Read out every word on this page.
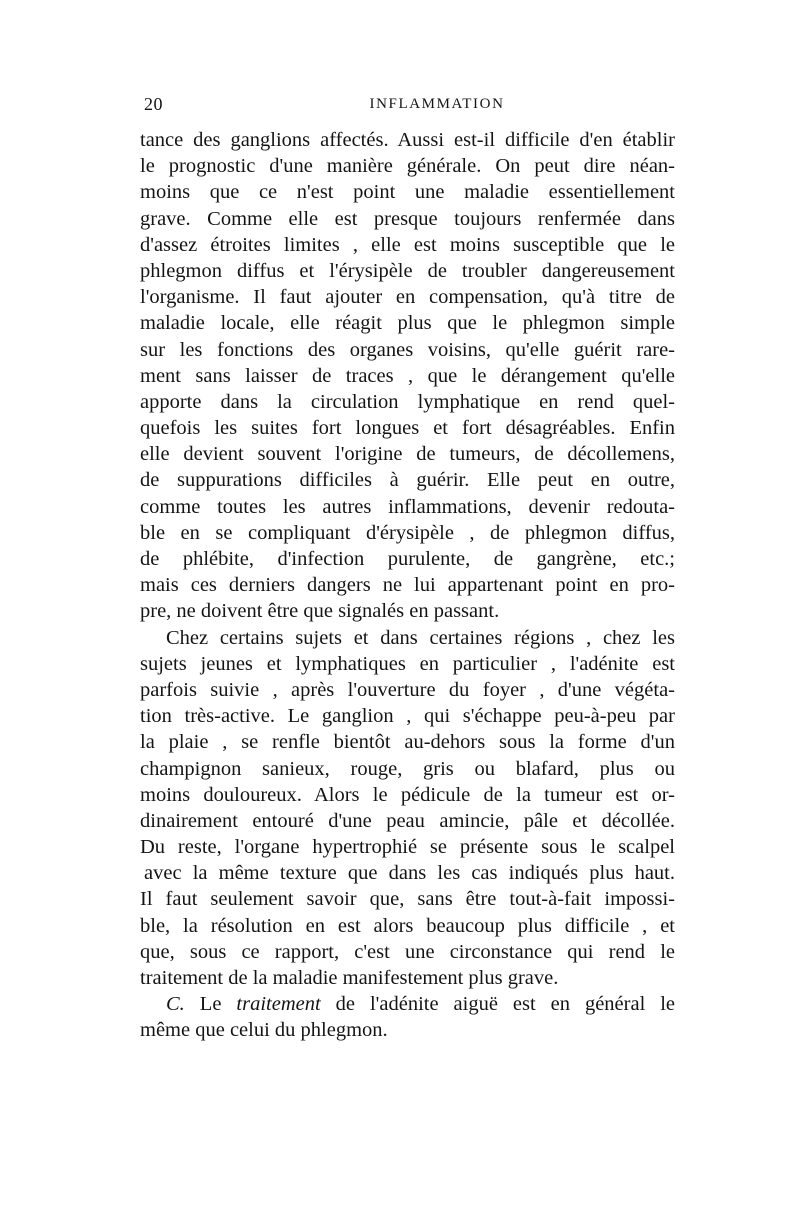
20	INFLAMMATION
tance des ganglions affectés. Aussi est-il difficile d'en établir
le prognostic d'une manière générale. On peut dire néan-
moins que ce n'est point une maladie essentiellement
grave. Comme elle est presque toujours renfermée dans
d'assez étroites limites , elle est moins susceptible que le
phlegmon diffus et l'érysipèle de troubler dangereusement
l'organisme. Il faut ajouter en compensation, qu'à titre de
maladie locale, elle réagit plus que le phlegmon simple
sur les fonctions des organes voisins, qu'elle guérit rare-
ment sans laisser de traces , que le dérangement qu'elle
apporte dans la circulation lymphatique en rend quel-
quefois les suites fort longues et fort désagréables. Enfin
elle devient souvent l'origine de tumeurs, de décollemens,
de suppurations difficiles à guérir. Elle peut en outre,
comme toutes les autres inflammations, devenir redouta-
ble en se compliquant d'érysipèle , de phlegmon diffus,
de phlébite, d'infection purulente, de gangrène, etc.;
mais ces derniers dangers ne lui appartenant point en pro-
pre, ne doivent être que signalés en passant.
Chez certains sujets et dans certaines régions , chez les
sujets jeunes et lymphatiques en particulier , l'adénite est
parfois suivie , après l'ouverture du foyer , d'une végéta-
tion très-active. Le ganglion , qui s'échappe peu-à-peu par
la plaie , se renfle bientôt au-dehors sous la forme d'un
champignon sanieux, rouge, gris ou blafard, plus ou
moins douloureux. Alors le pédicule de la tumeur est or-
dinairement entouré d'une peau amincie, pâle et décollée.
Du reste, l'organe hypertrophié se présente sous le scalpel
avec la même texture que dans les cas indiqués plus haut.
Il faut seulement savoir que, sans être tout-à-fait impossi-
ble, la résolution en est alors beaucoup plus difficile , et
que, sous ce rapport, c'est une circonstance qui rend le
traitement de la maladie manifestement plus grave.
C. Le traitement de l'adénite aiguë est en général le
même que celui du phlegmon.
